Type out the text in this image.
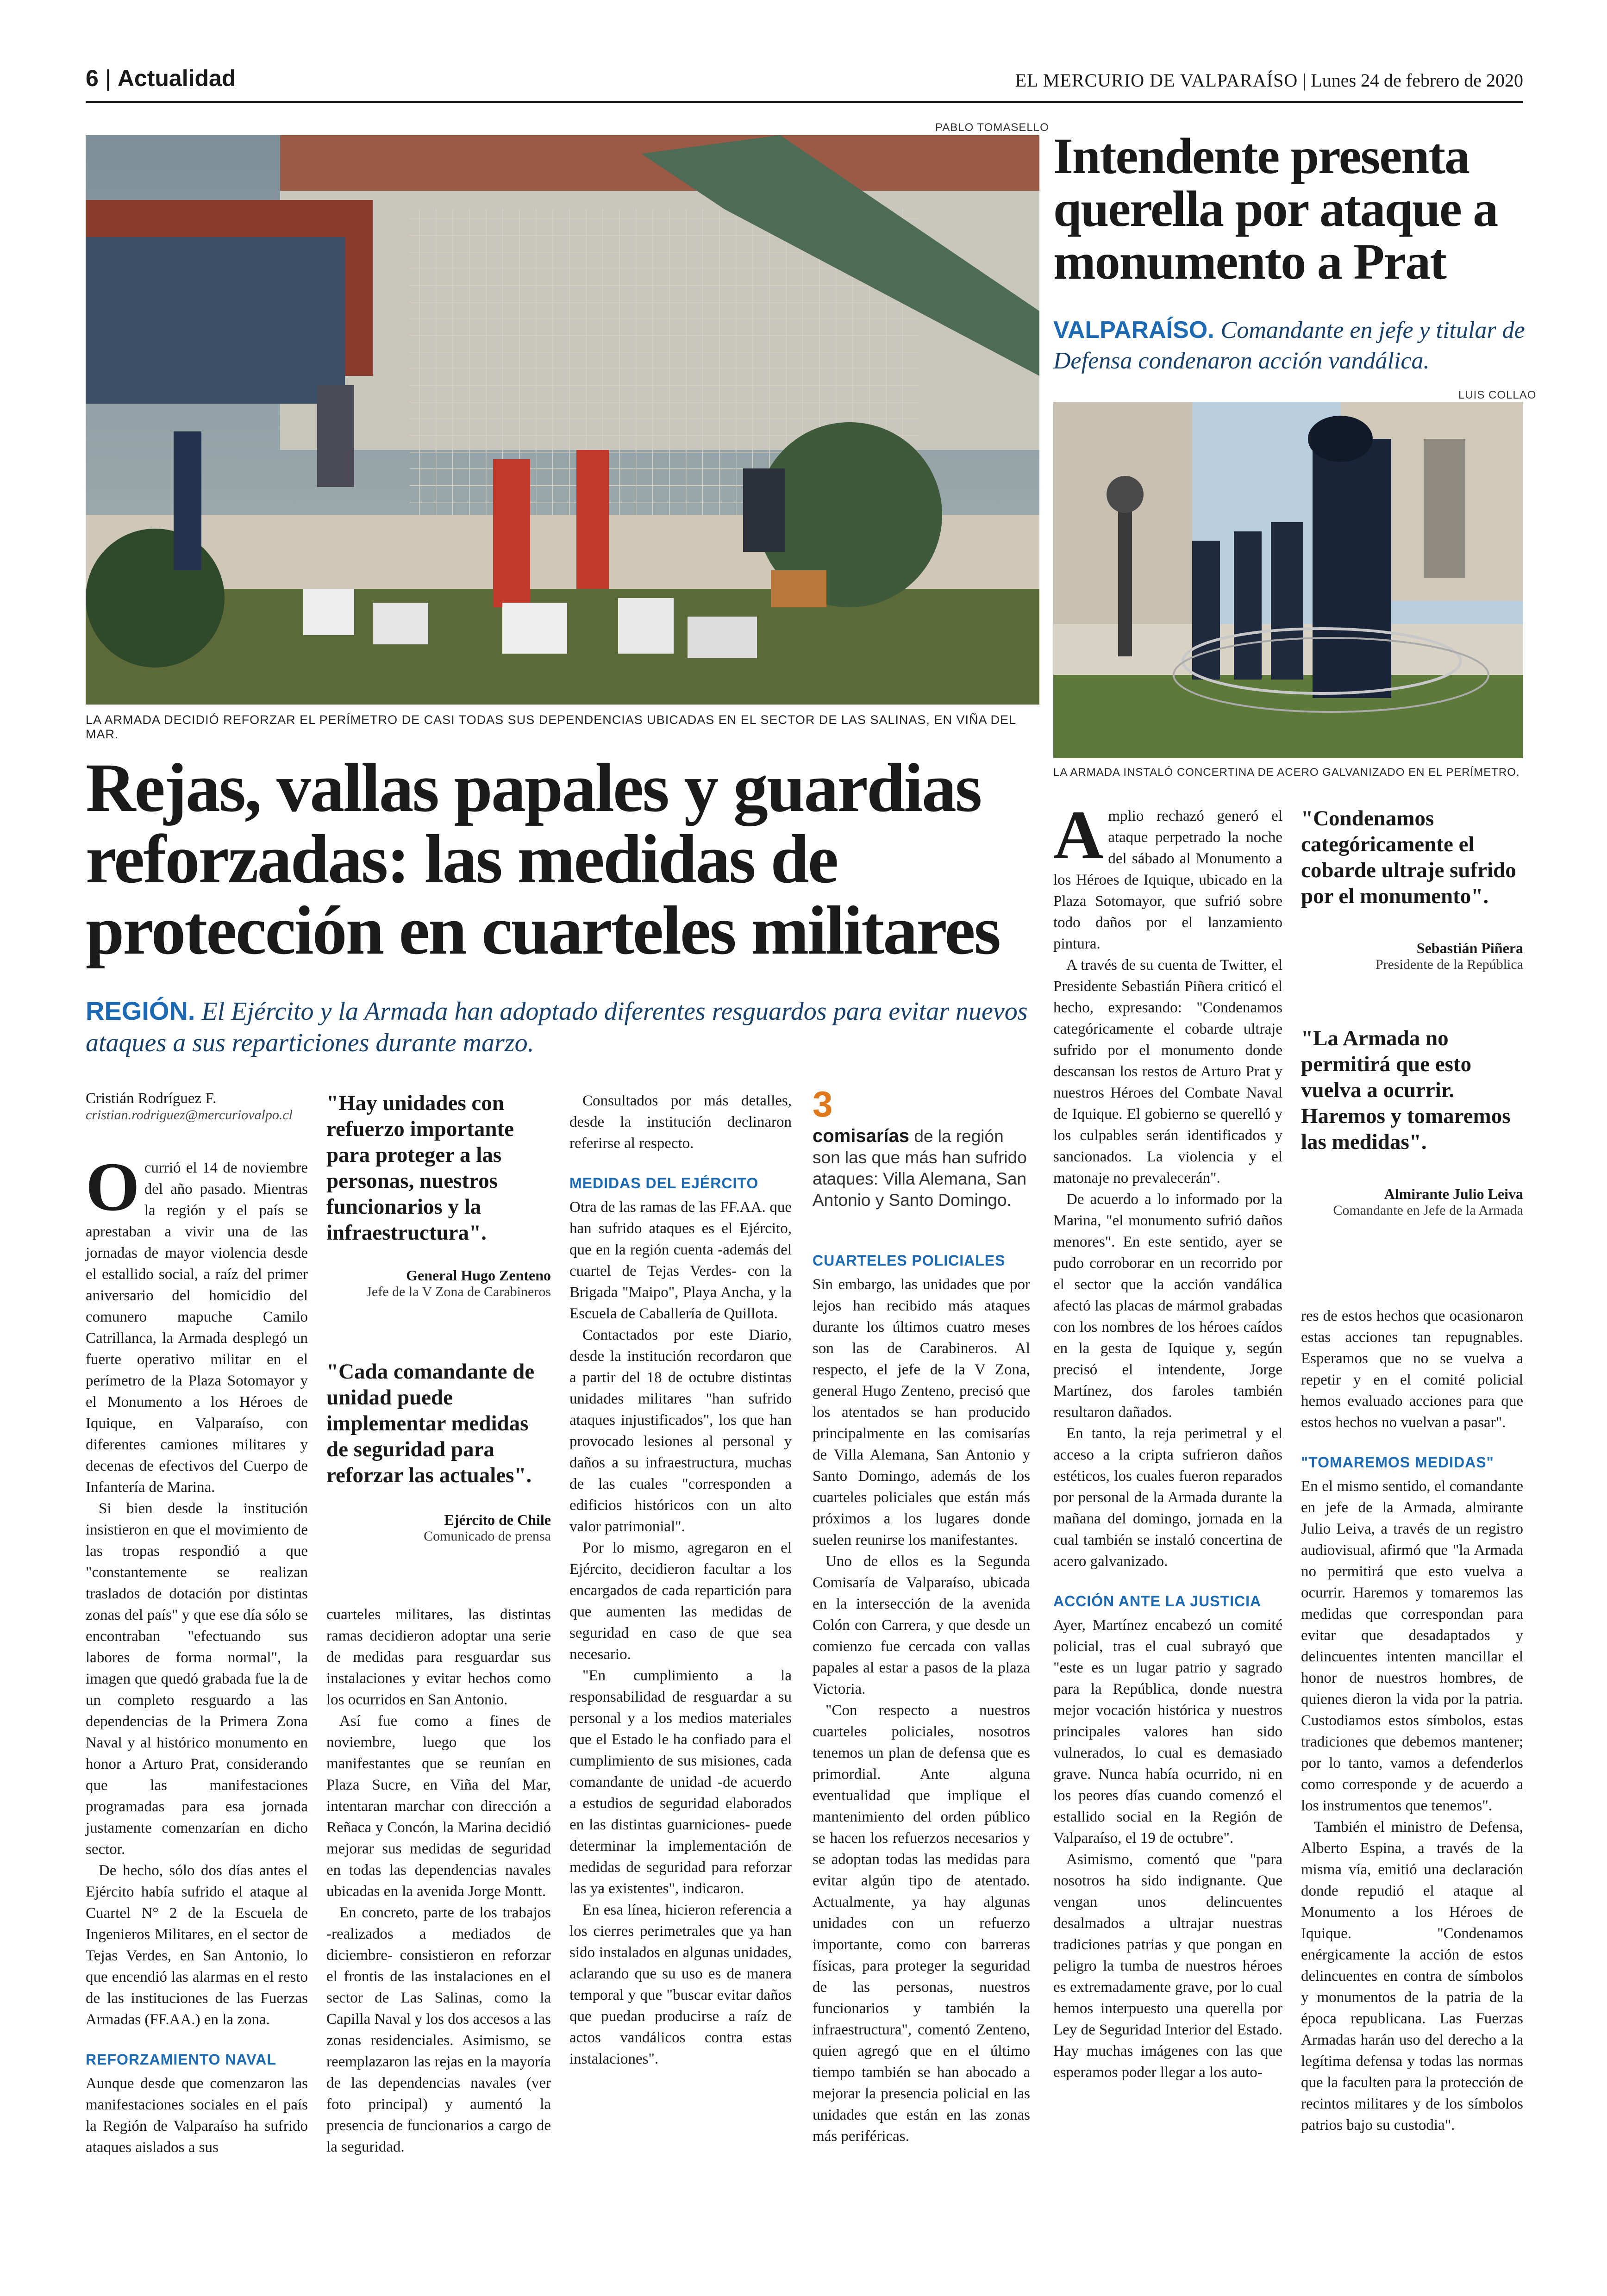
6 | Actualidad	EL MERCURIO DE VALPARAÍSO | Lunes 24 de febrero de 2020
PABLO TOMASELLO
LA ARMADA DECIDIÓ REFORZAR EL PERÍMETRO DE CASI TODAS SUS DEPENDENCIAS UBICADAS EN EL SECTOR DE LAS SALINAS, EN VIÑA DEL MAR.
Rejas, vallas papales y guardias reforzadas: las medidas de protección en cuarteles militares
REGIÓN. El Ejército y la Armada han adoptado diferentes resguardos para evitar nuevos ataques a sus reparticiones durante marzo.
Cristián Rodríguez F.
cristian.rodriguez@mercuriovalpo.cl

Ocurrió el 14 de noviembre del año pasado. Mientras la región y el país se aprestaban a vivir una de las jornadas de mayor violencia desde el estallido social, a raíz del primer aniversario del homicidio del comunero mapuche Camilo Catrillanca, la Armada desplegó un fuerte operativo militar en el perímetro de la Plaza Sotomayor y el Monumento a los Héroes de Iquique, en Valparaíso, con diferentes camiones militares y decenas de efectivos del Cuerpo de Infantería de Marina.

Si bien desde la institución insistieron en que el movimiento de las tropas respondió a que "constantemente se realizan traslados de dotación por distintas zonas del país" y que ese día sólo se encontraban "efectuando sus labores de forma normal", la imagen que quedó grabada fue la de un completo resguardo a las dependencias de la Primera Zona Naval y al histórico monumento en honor a Arturo Prat, considerando que las manifestaciones programadas para esa jornada justamente comenzarían en dicho sector.

De hecho, sólo dos días antes el Ejército había sufrido el ataque al Cuartel N° 2 de la Escuela de Ingenieros Militares, en el sector de Tejas Verdes, en San Antonio, lo que encendió las alarmas en el resto de las instituciones de las Fuerzas Armadas (FF.AA.) en la zona.

REFORZAMIENTO NAVAL

Aunque desde que comenzaron las manifestaciones sociales en el país la Región de Valparaíso ha sufrido ataques aislados a sus

"Hay unidades con refuerzo importante para proteger a las personas, nuestros funcionarios y la infraestructura".
General Hugo Zenteno
Jefe de la V Zona de Carabineros
"Cada comandante de unidad puede implementar medidas de seguridad para reforzar las actuales".
Ejército de Chile
Comunicado de prensa

cuarteles militares, las distintas ramas decidieron adoptar una serie de medidas para resguardar sus instalaciones y evitar hechos como los ocurridos en San Antonio.

Así fue como a fines de noviembre, luego que los manifestantes que se reunían en Plaza Sucre, en Viña del Mar, intentaran marchar con dirección a Reñaca y Concón, la Marina decidió mejorar sus medidas de seguridad en todas las dependencias navales ubicadas en la avenida Jorge Montt.

En concreto, parte de los trabajos -realizados a mediados de diciembre- consistieron en reforzar el frontis de las instalaciones en el sector de Las Salinas, como la Capilla Naval y los dos accesos a las zonas residenciales. Asimismo, se reemplazaron las rejas en la mayoría de las dependencias navales (ver foto principal) y aumentó la presencia de funcionarios a cargo de la seguridad.

Consultados por más detalles, desde la institución declinaron referirse al respecto.

MEDIDAS DEL EJÉRCITO

Otra de las ramas de las FF.AA. que han sufrido ataques es el Ejército, que en la región cuenta -además del cuartel de Tejas Verdes- con la Brigada "Maipo", Playa Ancha, y la Escuela de Caballería de Quillota.

Contactados por este Diario, desde la institución recordaron que a partir del 18 de octubre distintas unidades militares "han sufrido ataques injustificados", los que han provocado lesiones al personal y daños a su infraestructura, muchas de las cuales "corresponden a edificios históricos con un alto valor patrimonial".

Por lo mismo, agregaron en el Ejército, decidieron facultar a los encargados de cada repartición para que aumenten las medidas de seguridad en caso de que sea necesario.

"En cumplimiento a la responsabilidad de resguardar a su personal y a los medios materiales que el Estado le ha confiado para el cumplimiento de sus misiones, cada comandante de unidad -de acuerdo a estudios de seguridad elaborados en las distintas guarniciones- puede determinar la implementación de medidas de seguridad para reforzar las ya existentes", indicaron.

En esa línea, hicieron referencia a los cierres perimetrales que ya han sido instalados en algunas unidades, aclarando que su uso es de manera temporal y que "buscar evitar daños que puedan producirse a raíz de actos vandálicos contra estas instalaciones".

3
comisarías de la región son las que más han sufrido ataques: Villa Alemana, San Antonio y Santo Domingo.
CUARTELES POLICIALES

Sin embargo, las unidades que por lejos han recibido más ataques durante los últimos cuatro meses son las de Carabineros. Al respecto, el jefe de la V Zona, general Hugo Zenteno, precisó que los atentados se han producido principalmente en las comisarías de Villa Alemana, San Antonio y Santo Domingo, además de los cuarteles policiales que están más próximos a los lugares donde suelen reunirse los manifestantes.

Uno de ellos es la Segunda Comisaría de Valparaíso, ubicada en la intersección de la avenida Colón con Carrera, y que desde un comienzo fue cercada con vallas papales al estar a pasos de la plaza Victoria.

"Con respecto a nuestros cuarteles policiales, nosotros tenemos un plan de defensa que es primordial. Ante alguna eventualidad que implique el mantenimiento del orden público se hacen los refuerzos necesarios y se adoptan todas las medidas para evitar algún tipo de atentado. Actualmente, ya hay algunas unidades con un refuerzo importante, como con barreras físicas, para proteger la seguridad de las personas, nuestros funcionarios y también la infraestructura", comentó Zenteno, quien agregó que en el último tiempo también se han abocado a mejorar la presencia policial en las unidades que están en las zonas más periféricas.

Intendente presenta querella por ataque a monumento a Prat
VALPARAÍSO. Comandante en jefe y titular de Defensa condenaron acción vandálica.
LUIS COLLAO
LA ARMADA INSTALÓ CONCERTINA DE ACERO GALVANIZADO EN EL PERÍMETRO.

Amplio rechazó generó el ataque perpetrado la noche del sábado al Monumento a los Héroes de Iquique, ubicado en la Plaza Sotomayor, que sufrió sobre todo daños por el lanzamiento pintura.

A través de su cuenta de Twitter, el Presidente Sebastián Piñera criticó el hecho, expresando: "Condenamos categóricamente el cobarde ultraje sufrido por el monumento donde descansan los restos de Arturo Prat y nuestros Héroes del Combate Naval de Iquique. El gobierno se querelló y los culpables serán identificados y sancionados. La violencia y el matonaje no prevalecerán".

De acuerdo a lo informado por la Marina, "el monumento sufrió daños menores". En este sentido, ayer se pudo corroborar en un recorrido por el sector que la acción vandálica afectó las placas de mármol grabadas con los nombres de los héroes caídos en la gesta de Iquique y, según precisó el intendente, Jorge Martínez, dos faroles también resultaron dañados.

En tanto, la reja perimetral y el acceso a la cripta sufrieron daños estéticos, los cuales fueron reparados por personal de la Armada durante la mañana del domingo, jornada en la cual también se instaló concertina de acero galvanizado.

ACCIÓN ANTE LA JUSTICIA

Ayer, Martínez encabezó un comité policial, tras el cual subrayó que "este es un lugar patrio y sagrado para la República, donde nuestra mejor vocación histórica y nuestros principales valores han sido vulnerados, lo cual es demasiado grave. Nunca había ocurrido, ni en los peores días cuando comenzó el estallido social en la Región de Valparaíso, el 19 de octubre".

Asimismo, comentó que "para nosotros ha sido indignante. Que vengan unos delincuentes desalmados a ultrajar nuestras tradiciones patrias y que pongan en peligro la tumba de nuestros héroes es extremadamente grave, por lo cual hemos interpuesto una querella por Ley de Seguridad Interior del Estado. Hay muchas imágenes con las que esperamos poder llegar a los auto-

"Condenamos categóricamente el cobarde ultraje sufrido por el monumento".
Sebastián Piñera
Presidente de la República
"La Armada no permitirá que esto vuelva a ocurrir. Haremos y tomaremos las medidas".
Almirante Julio Leiva
Comandante en Jefe de la Armada

res de estos hechos que ocasionaron estas acciones tan repugnables. Esperamos que no se vuelva a repetir y en el comité policial hemos evaluado acciones para que estos hechos no vuelvan a pasar".

"TOMAREMOS MEDIDAS"

En el mismo sentido, el comandante en jefe de la Armada, almirante Julio Leiva, a través de un registro audiovisual, afirmó que "la Armada no permitirá que esto vuelva a ocurrir. Haremos y tomaremos las medidas que correspondan para evitar que desadaptados y delincuentes intenten mancillar el honor de nuestros hombres, de quienes dieron la vida por la patria. Custodiamos estos símbolos, estas tradiciones que debemos mantener; por lo tanto, vamos a defenderlos como corresponde y de acuerdo a los instrumentos que tenemos".

También el ministro de Defensa, Alberto Espina, a través de la misma vía, emitió una declaración donde repudió el ataque al Monumento a los Héroes de Iquique. "Condenamos enérgicamente la acción de estos delincuentes en contra de símbolos y monumentos de la patria de la época republicana. Las Fuerzas Armadas harán uso del derecho a la legítima defensa y todas las normas que la faculten para la protección de recintos militares y de los símbolos patrios bajo su custodia".
